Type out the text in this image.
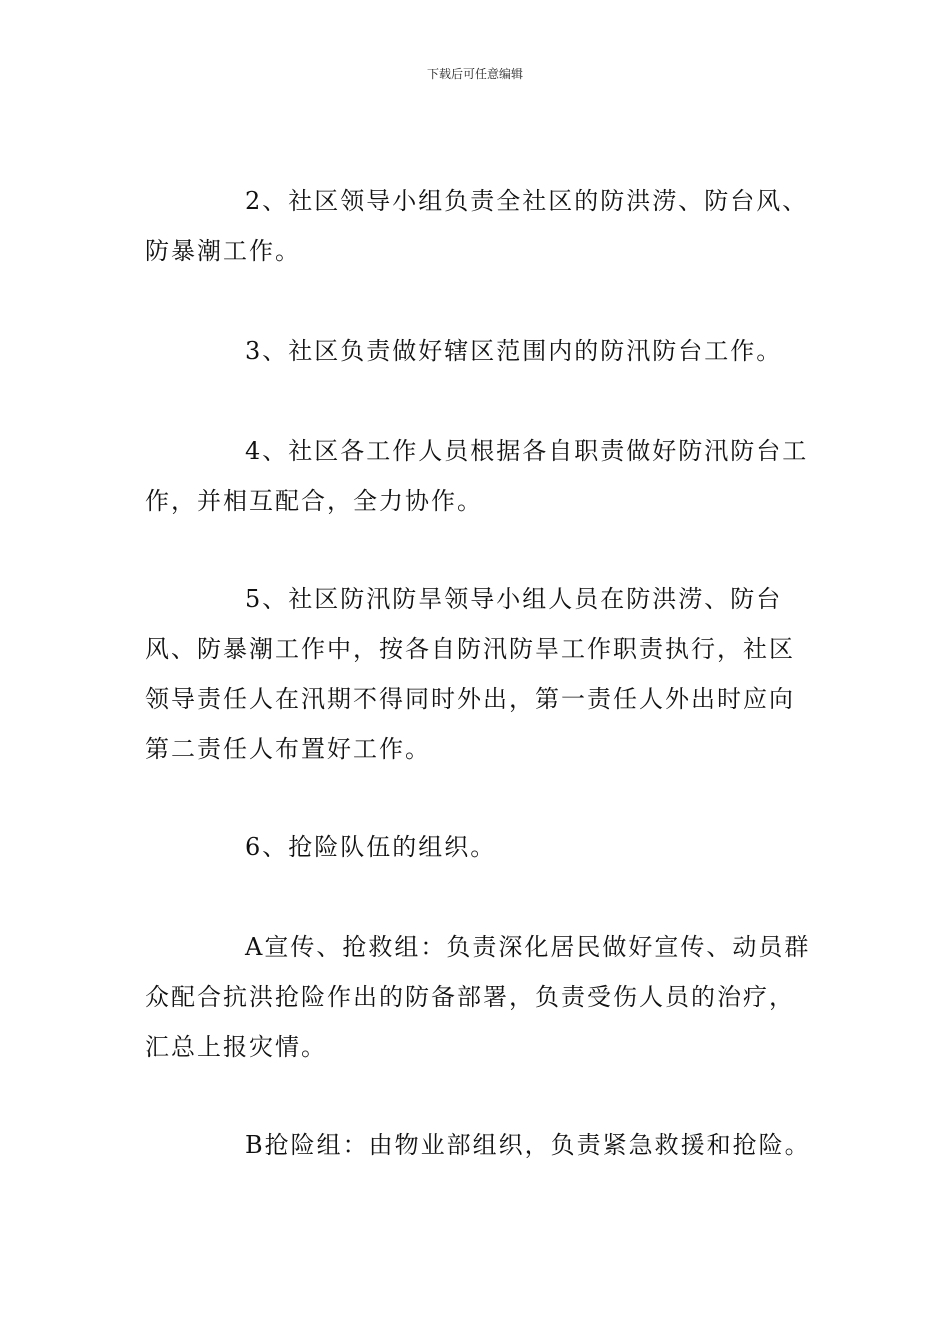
下载后可任意编辑

2、社区领导小组负责全社区的防洪涝、防台风、防暴潮工作。

3、社区负责做好辖区范围内的防汛防台工作。

4、社区各工作人员根据各自职责做好防汛防台工作，并相互配合，全力协作。

5、社区防汛防旱领导小组人员在防洪涝、防台风、防暴潮工作中，按各自防汛防旱工作职责执行，社区领导责任人在汛期不得同时外出，第一责任人外出时应向第二责任人布置好工作。

6、抢险队伍的组织。

A宣传、抢救组：负责深化居民做好宣传、动员群众配合抗洪抢险作出的防备部署，负责受伤人员的治疗，汇总上报灾情。

B抢险组：由物业部组织，负责紧急救援和抢险。
